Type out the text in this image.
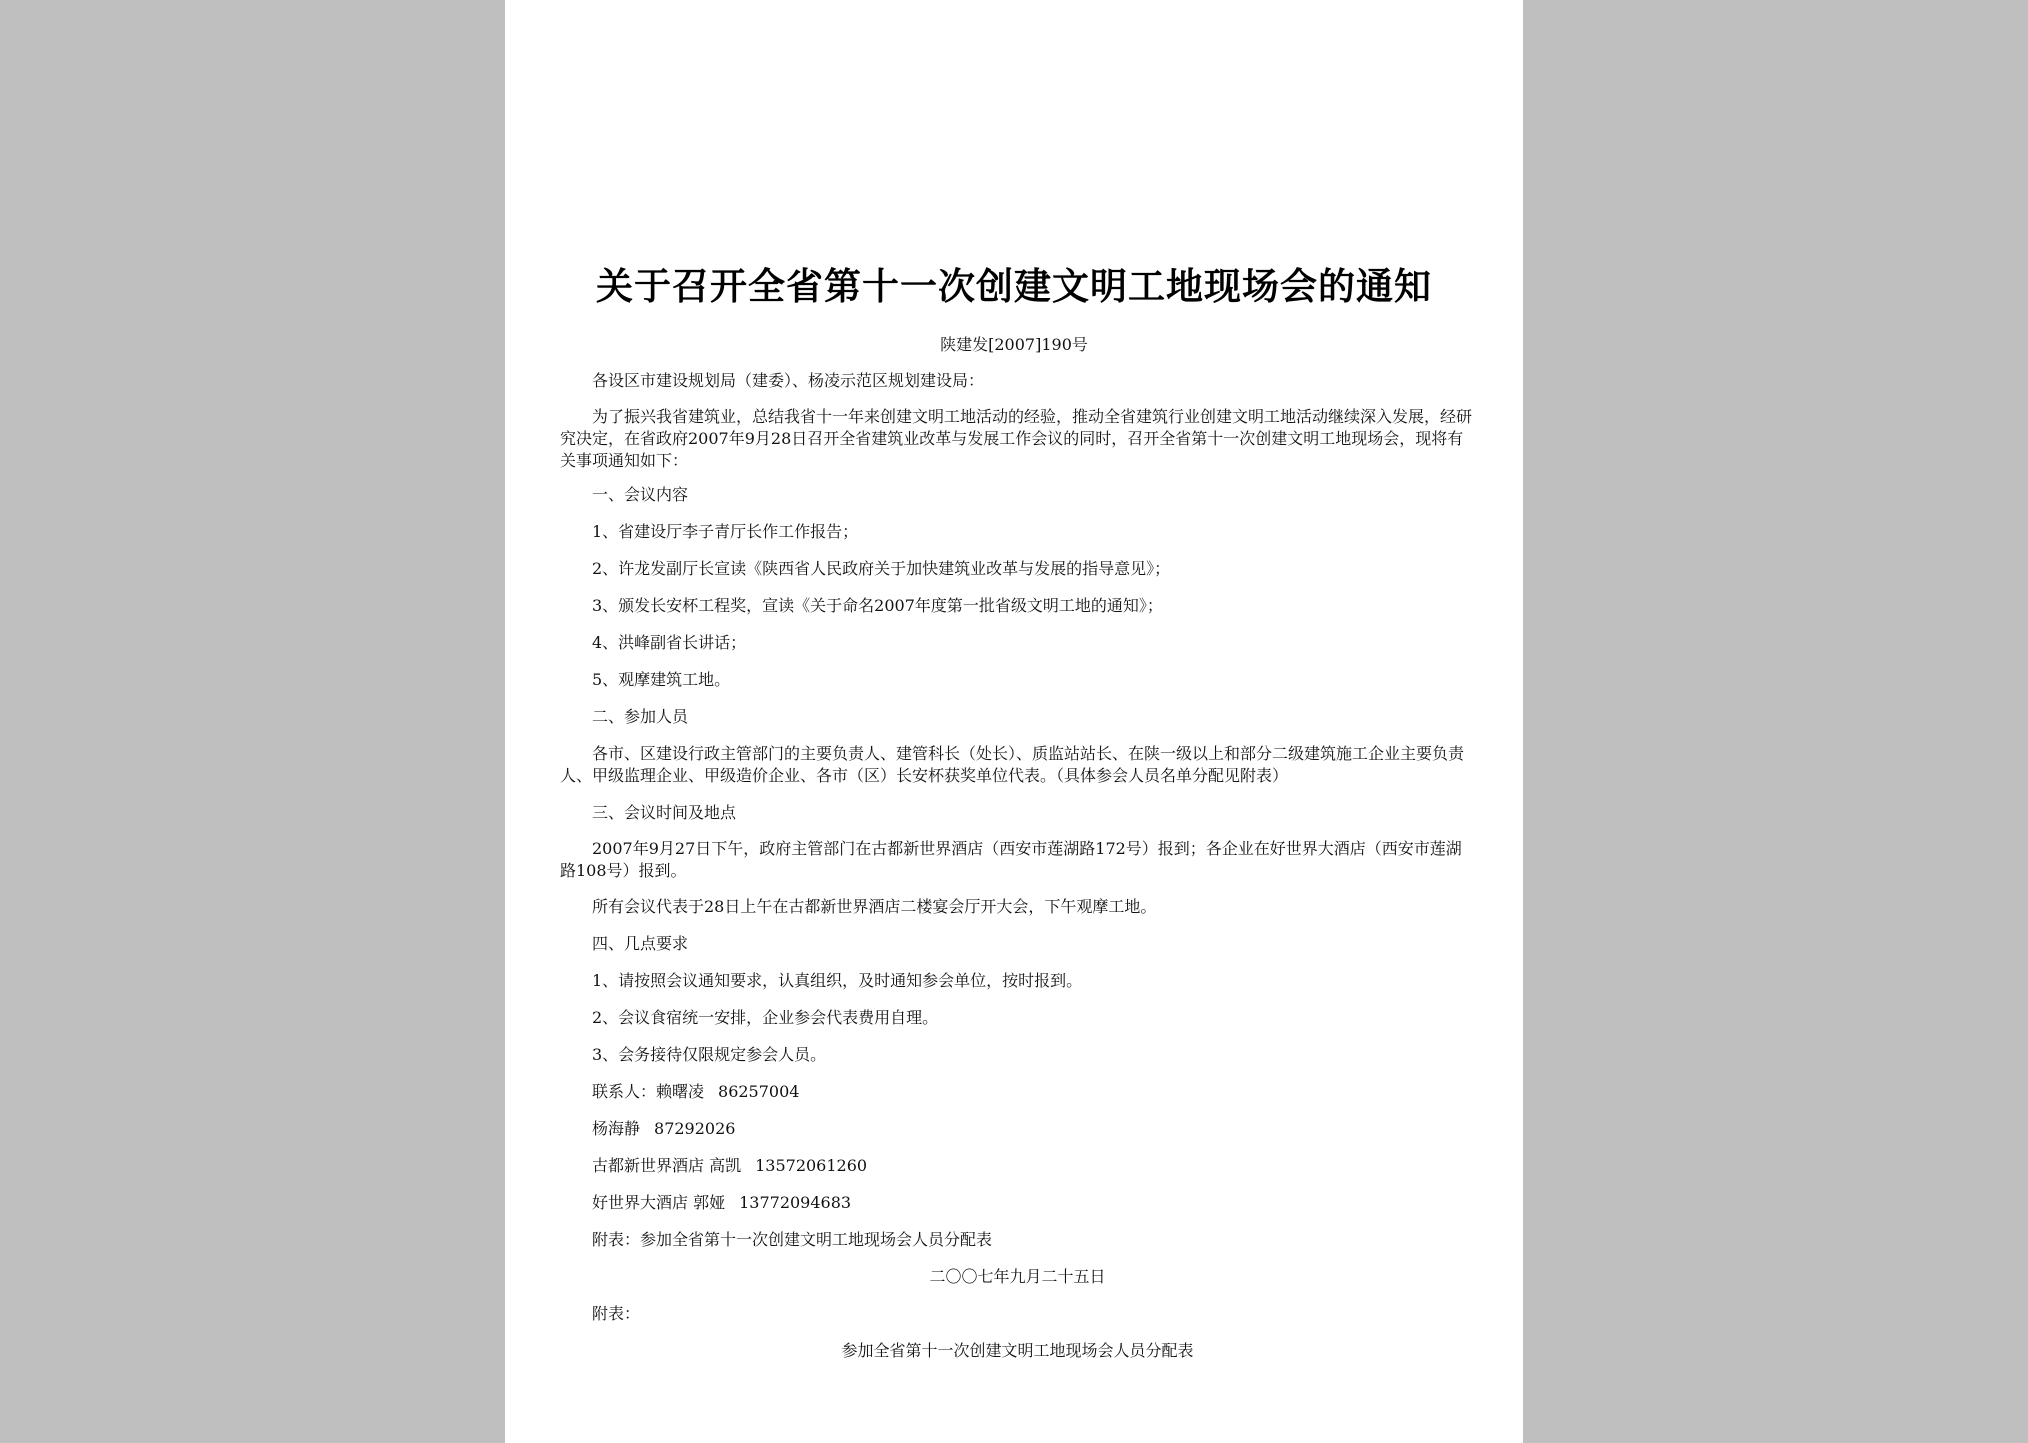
关于召开全省第十一次创建文明工地现场会的通知
陕建发[2007]190号

各设区市建设规划局（建委）、杨凌示范区规划建设局：

为了振兴我省建筑业，总结我省十一年来创建文明工地活动的经验，推动全省建筑行业创建文明工地活动继续深入发展，经研究决定，在省政府2007年9月28日召开全省建筑业改革与发展工作会议的同时，召开全省第十一次创建文明工地现场会，现将有关事项通知如下：

一、会议内容

1、省建设厅李子青厅长作工作报告；

2、许龙发副厅长宣读《陕西省人民政府关于加快建筑业改革与发展的指导意见》；

3、颁发长安杯工程奖，宣读《关于命名2007年度第一批省级文明工地的通知》；

4、洪峰副省长讲话；

5、观摩建筑工地。

二、参加人员

各市、区建设行政主管部门的主要负责人、建管科长（处长）、质监站站长、在陕一级以上和部分二级建筑施工企业主要负责人、甲级监理企业、甲级造价企业、各市（区）长安杯获奖单位代表。（具体参会人员名单分配见附表）

三、会议时间及地点

2007年9月27日下午，政府主管部门在古都新世界酒店（西安市莲湖路172号）报到；各企业在好世界大酒店（西安市莲湖路108号）报到。

所有会议代表于28日上午在古都新世界酒店二楼宴会厅开大会，下午观摩工地。

四、几点要求

1、请按照会议通知要求，认真组织，及时通知参会单位，按时报到。

2、会议食宿统一安排，企业参会代表费用自理。

3、会务接待仅限规定参会人员。

联系人：赖曙凌 86257004

杨海静 87292026

古都新世界酒店 高凯 13572061260

好世界大酒店 郭娅 13772094683

附表：参加全省第十一次创建文明工地现场会人员分配表

二〇〇七年九月二十五日

附表：

参加全省第十一次创建文明工地现场会人员分配表
